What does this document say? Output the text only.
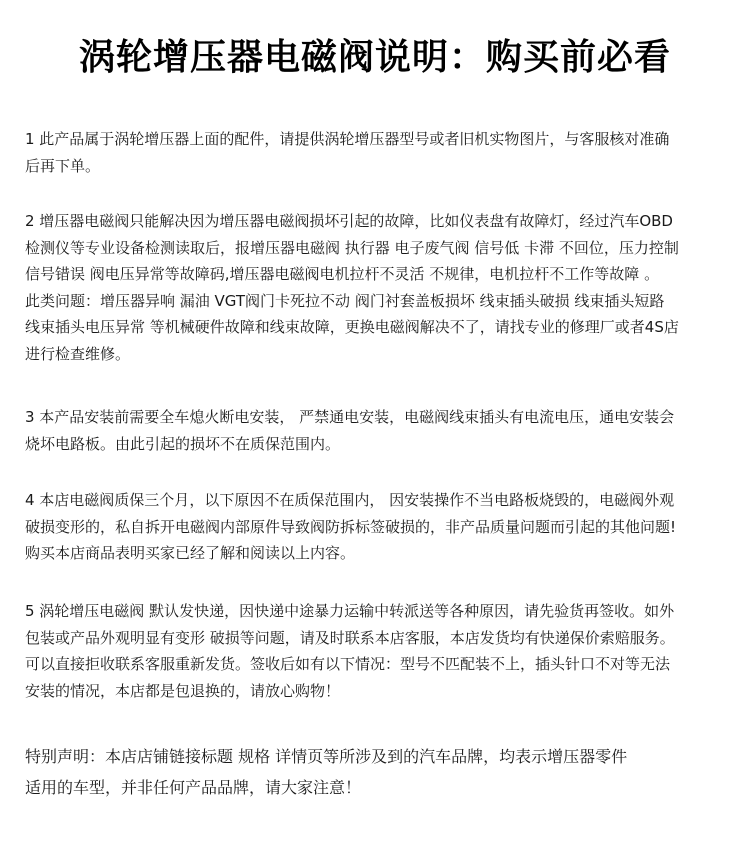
涡轮增压器电磁阀说明：购买前必看

1 此产品属于涡轮增压器上面的配件，请提供涡轮增压器型号或者旧机实物图片，与客服核对准确
后再下单。

2 增压器电磁阀只能解决因为增压器电磁阀损坏引起的故障，比如仪表盘有故障灯，经过汽车OBD
检测仪等专业设备检测读取后，报增压器电磁阀 执行器 电子废气阀 信号低 卡滞 不回位，压力控制
信号错误 阀电压异常等故障码,增压器电磁阀电机拉杆不灵活 不规律，电机拉杆不工作等故障 。
此类问题：增压器异响 漏油 VGT阀门卡死拉不动 阀门衬套盖板损坏 线束插头破损 线束插头短路
线束插头电压异常 等机械硬件故障和线束故障，更换电磁阀解决不了，请找专业的修理厂或者4S店
进行检查维修。

3 本产品安装前需要全车熄火断电安装， 严禁通电安装，电磁阀线束插头有电流电压，通电安装会
烧坏电路板。由此引起的损坏不在质保范围内。

4 本店电磁阀质保三个月，以下原因不在质保范围内， 因安装操作不当电路板烧毁的，电磁阀外观
破损变形的，私自拆开电磁阀内部原件导致阀防拆标签破损的，非产品质量问题而引起的其他问题!
购买本店商品表明买家已经了解和阅读以上内容。

5 涡轮增压电磁阀 默认发快递，因快递中途暴力运输中转派送等各种原因，请先验货再签收。如外
包装或产品外观明显有变形 破损等问题，请及时联系本店客服，本店发货均有快递保价索赔服务。
可以直接拒收联系客服重新发货。签收后如有以下情况：型号不匹配装不上，插头针口不对等无法
安装的情况，本店都是包退换的，请放心购物！

特别声明：本店店铺链接标题 规格 详情页等所涉及到的汽车品牌，均表示增压器零件
适用的车型，并非任何产品品牌，请大家注意！
